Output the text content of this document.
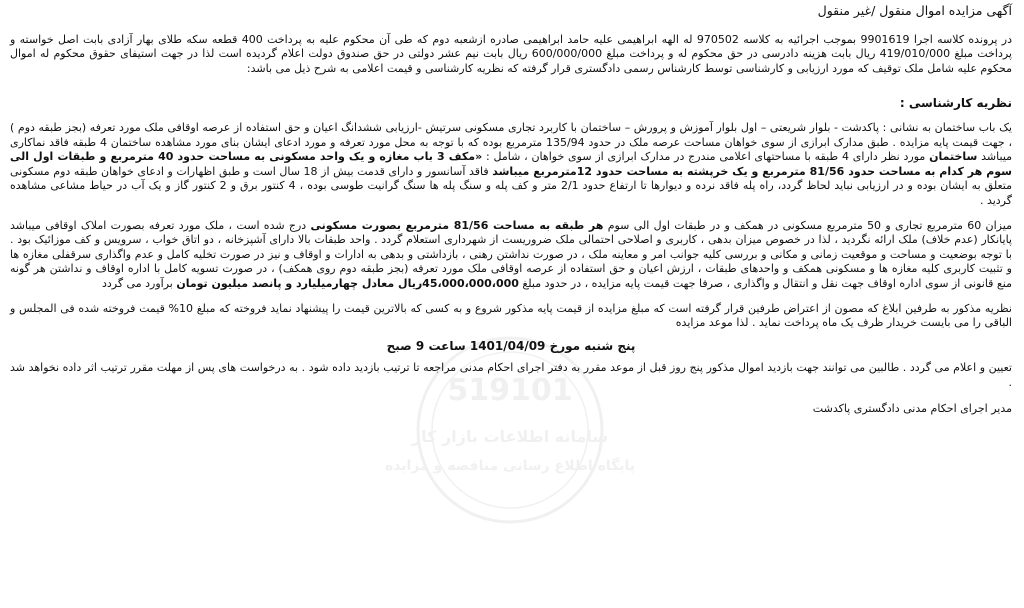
519101
سامانه اطلاعات بازار کار
پایگاه اطلاع رسانی مناقصه و مزایده

آگهی مزایده اموال منقول /غیر منقول

در پرونده کلاسه اجرا 9901619 بموجب اجرائیه به کلاسه 970502 له الهه ابراهیمی علیه حامد ابراهیمی صادره ازشعبه دوم که طی آن محکوم علیه به پرداخت 400 قطعه سکه طلای بهار آزادی بابت اصل خواسته و پرداخت مبلغ 419/010/000 ریال بابت هزینه دادرسی در حق محکوم له و پرداخت مبلغ 600/000/000 ریال بابت نیم عشر دولتی در حق صندوق دولت اعلام گردیده است لذا در جهت استیفای حقوق محکوم له اموال محکوم علیه شامل ملک توقیف که مورد ارزیابی و کارشناسی توسط کارشناس رسمی دادگستری قرار گرفته که نظریه کارشناسی و قیمت اعلامی به شرح ذیل می باشد:

نظریه کارشناسی :

یک باب ساختمان به نشانی : پاکدشت - بلوار شریعتی – اول بلوار آموزش و پرورش – ساختمان با کاربرد تجاری مسکونی سرتیش -ارزیابی ششدانگ اعیان و حق استفاده از عرصه اوقافی ملک مورد تعرفه (بجز طبقه دوم ) ، جهت قیمت پایه مزایده . طبق مدارک ابرازی از سوی خواهان مساحت عرصه ملک در حدود 135/94 مترمربع بوده که با توجه به محل مورد تعرفه و مورد ادعای ایشان بنای مورد مشاهده ساختمان 4 طبقه فاقد نماکاری میباشد ساختمان مورد نظر دارای 4 طبقه با مساحتهای اعلامی مندرج در مدارک ابرازی از سوی خواهان ، شامل : «مکف 3 باب مغازه و یک واحد مسکونی به مساحت حدود 40 مترمربع و طبقات اول الی سوم هر کدام به مساحت حدود 81/56 مترمربع و یک خرپشته به مساحت حدود 12مترمربع میباشد فاقد آسانسور و دارای قدمت بیش از 18 سال است و طبق اظهارات و ادعای خواهان طبقه دوم مسکونی متعلق به ایشان بوده و در ارزیابی نباید لحاظ گردد، راه پله فاقد نرده و دیوارها تا ارتفاع حدود 2/1 متر و کف پله و سنگ پله ها سنگ گرانیت طوسی بوده ، 4 کنتور برق و 2 کنتور گاز و یک آب در حیاط مشاعی مشاهده گردید .

میزان 60 مترمربع تجاری و 50 مترمربع مسکونی در همکف و در طبقات اول الی سوم هر طبقه به مساحت 81/56 مترمربع بصورت مسکونی درج شده است ، ملک مورد تعرفه بصورت املاک اوقافی میباشد پایانکار (عدم خلاف) ملک ارائه نگردید ، لذا در خصوص میزان بدهی ، کاربری و اصلاحی احتمالی ملک ضروریست از شهرداری استعلام گردد . واحد طبقات بالا دارای آشپزخانه ، دو اتاق خواب ، سرویس و کف موزائیک بود . با توجه بوضعیت و مساحت و موقعیت زمانی و مکانی و بررسی کلیه جوانب امر و معاینه ملک ، در صورت نداشتن رهنی ، بازداشتی و بدهی به ادارات و اوقاف و نیز در صورت تخلیه کامل و عدم واگذاری سرقفلی مغازه ها و تثبیت کاربری کلیه مغازه ها و مسکونی همکف و واحدهای طبقات ، ارزش اعیان و حق استفاده از عرصه اوقافی ملک مورد تعرفه (بجز طبقه دوم روی همکف) ، در صورت تسویه کامل با اداره اوقاف و نداشتن هر گونه منع قانونی از سوی اداره اوقاف جهت نقل و انتقال و واگذاری ، صرفا جهت قیمت پایه مزایده ، در حدود مبلغ 45،000،000،000ریال معادل چهارمیلیارد و پانصد میلیون تومان برآورد می گردد

نظریه مذکور به طرفین ابلاغ که مصون از اعتراض طرفین قرار گرفته است که مبلغ مزایده از قیمت پایه مذکور شروع و به کسی که بالاترین قیمت را پیشنهاد نماید فروخته که مبلغ 10% قیمت فروخته شده فی المجلس و الباقی را می بایست خریدار ظرف یک ماه پرداخت نماید . لذا موعد مزایده

پنج شنبه مورخ 1401/04/09 ساعت 9 صبح

تعیین و اعلام می گردد . طالبین می توانند جهت بازدید اموال مذکور پنج روز قبل از موعد مقرر به دفتر اجرای احکام مدنی مراجعه تا ترتیب بازدید داده شود . به درخواست های پس از مهلت مقرر ترتیب اثر داده نخواهد شد .

مدیر اجرای احکام مدنی دادگستری پاکدشت
